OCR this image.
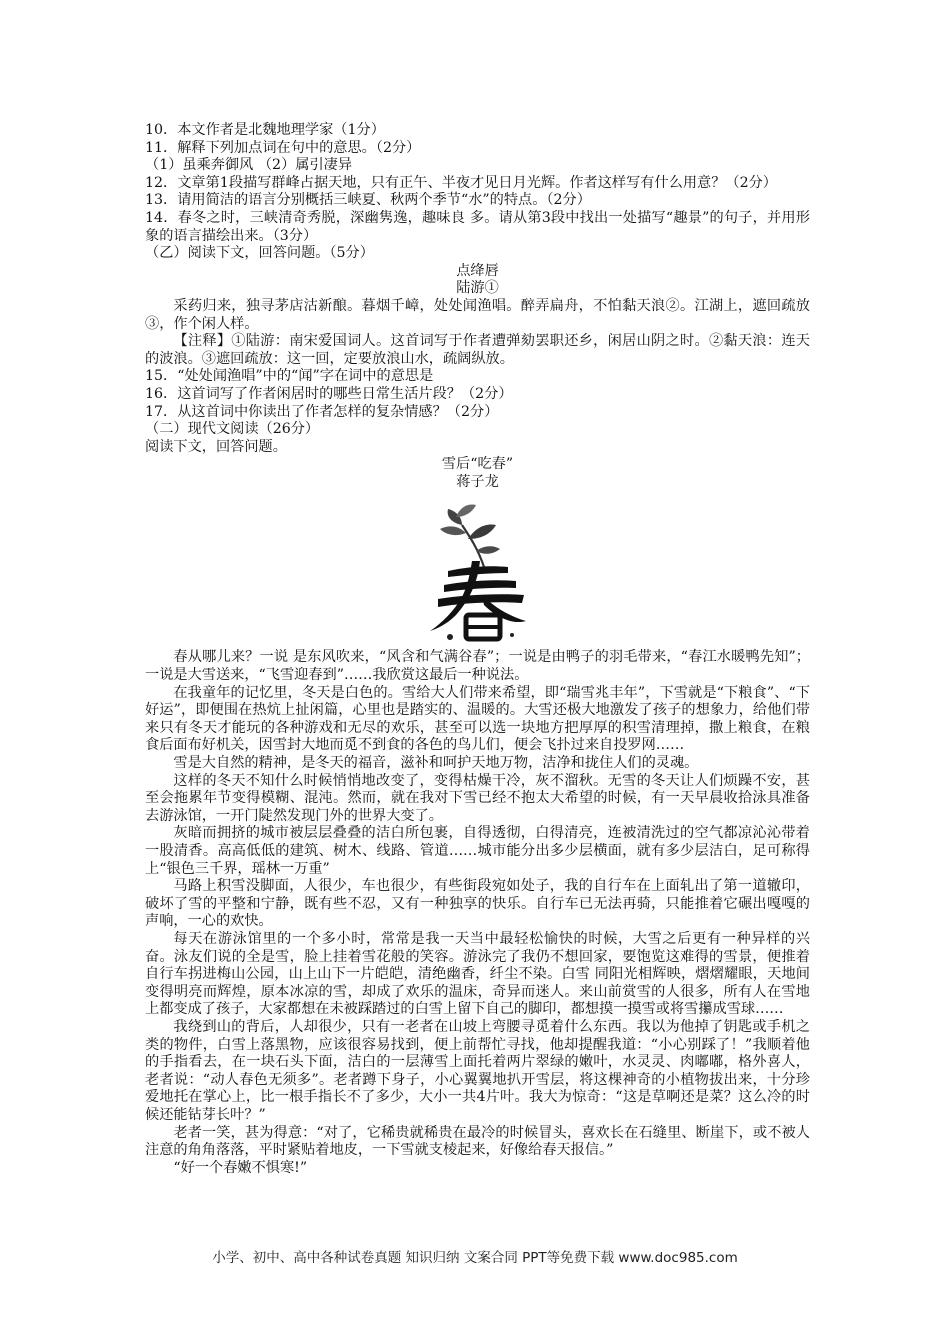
10．本文作者是北魏地理学家（1分）

11．解释下列加点词在句中的意思。（2分）

（1）虽乘奔御风 （2）属引凄异

12．文章第1段描写群峰占据天地，只有正午、半夜才见日月光辉。作者这样写有什么用意？（2分）

13．请用简洁的语言分别概括三峡夏、秋两个季节“水”的特点。（2分）

14．春冬之时，三峡清奇秀脱，深幽隽逸，趣味良 多。请从第3段中找出一处描写“趣景”的句子，并用形象的语言描绘出来。（3分）

（乙）阅读下文，回答问题。（5分）

点绛唇

陆游①

采药归来，独寻茅店沽新酿。暮烟千嶂，处处闻渔唱。醉弄扁舟，不怕黏天浪②。江湖上，遮回疏放③，作个闲人样。

【注释】①陆游：南宋爱国词人。这首词写于作者遭弹劾罢职还乡，闲居山阴之时。②黏天浪：连天的波浪。③遮回疏放：这一回，定要放浪山水，疏阔纵放。

15．“处处闻渔唱”中的“闻”字在词中的意思是

16．这首词写了作者闲居时的哪些日常生活片段？（2分）

17．从这首词中你读出了作者怎样的复杂情感？（2分）

（二）现代文阅读（26分）

阅读下文，回答问题。

雪后“吃春”

蒋子龙

春从哪儿来？一说 是东风吹来，“风含和气满谷春”；一说是由鸭子的羽毛带来，“春江水暖鸭先知”；一说是大雪送来，“飞雪迎春到”……我欣赏这最后一种说法。

在我童年的记忆里，冬天是白色的。雪给大人们带来希望，即“瑞雪兆丰年”，下雪就是“下粮食”、“下好运”，即便围在热炕上扯闲篇，心里也是踏实的、温暖的。大雪还极大地激发了孩子的想象力，给他们带来只有冬天才能玩的各种游戏和无尽的欢乐，甚至可以选一块地方把厚厚的积雪清理掉，撒上粮食，在粮食后面布好机关，因雪封大地而觅不到食的各色的鸟儿们，便会飞扑过来自投罗网……

雪是大自然的精神，是冬天的福音，滋补和呵护天地万物，洁净和拢住人们的灵魂。

这样的冬天不知什么时候悄悄地改变了，变得枯燥干冷，灰不溜秋。无雪的冬天让人们烦躁不安，甚至会拖累年节变得模糊、混沌。然而，就在我对下雪已经不抱太大希望的时候，有一天早晨收拾泳具准备去游泳馆，一开门陡然发现门外的世界大变了。

灰暗而拥挤的城市被层层叠叠的洁白所包裹，自得透彻，白得清亮，连被清洗过的空气都凉沁沁带着一股清香。高高低低的建筑、树木、线路、管道……城市能分出多少层横面，就有多少层洁白，足可称得上“银色三千界，瑶林一万重”

马路上积雪没脚面，人很少，车也很少，有些街段宛如处子，我的自行车在上面轧出了第一道辙印，破坏了雪的平整和宁静，既有些不忍，又有一种独享的快乐。自行车已无法再骑，只能推着它碾出嘎嘎的声响，一心的欢快。

每天在游泳馆里的一个多小时，常常是我一天当中最轻松愉快的时候，大雪之后更有一种异样的兴奋。泳友们说的全是雪，脸上挂着雪花般的笑容。游泳完了我仍不想回家，要饱览这难得的雪景，便推着自行车拐进梅山公园，山上山下一片皑皑，清绝幽香，纤尘不染。白雪 同阳光相辉映，熠熠耀眼，天地间变得明亮而辉煌，原本冰凉的雪，却成了欢乐的温床，奇异而迷人。来山前赏雪的人很多，所有人在雪地上都变成了孩子，大家都想在未被踩踏过的白雪上留下自己的脚印，都想摸一摸雪或将雪攥成雪球……

我绕到山的背后，人却很少，只有一老者在山坡上弯腰寻觅着什么东西。我以为他掉了钥匙或手机之类的物件，白雪上落黑物，应该很容易找到，便上前帮忙寻找，他却提醒我道：“小心别踩了！”我顺着他的手指看去，在一块石头下面，洁白的一层薄雪上面托着两片翠绿的嫩叶，水灵灵、肉嘟嘟，格外喜人，老者说：“动人春色无须多”。老者蹲下身子，小心翼翼地扒开雪层，将这棵神奇的小植物拔出来，十分珍爱地托在掌心上，比一根手指长不了多少，大小一共4片叶。我大为惊奇：“这是草啊还是菜？这么冷的时候还能钻芽长叶？”

老者一笑，甚为得意：“对了，它稀贵就稀贵在最冷的时候冒头，喜欢长在石缝里、断崖下，或不被人注意的角角落落，平时紧贴着地皮，一下雪就支棱起来，好像给春天报信。”

“好一个春嫩不惧寒!”

小学、初中、高中各种试卷真题 知识归纳 文案合同 PPT等免费下载 www.doc985.com
